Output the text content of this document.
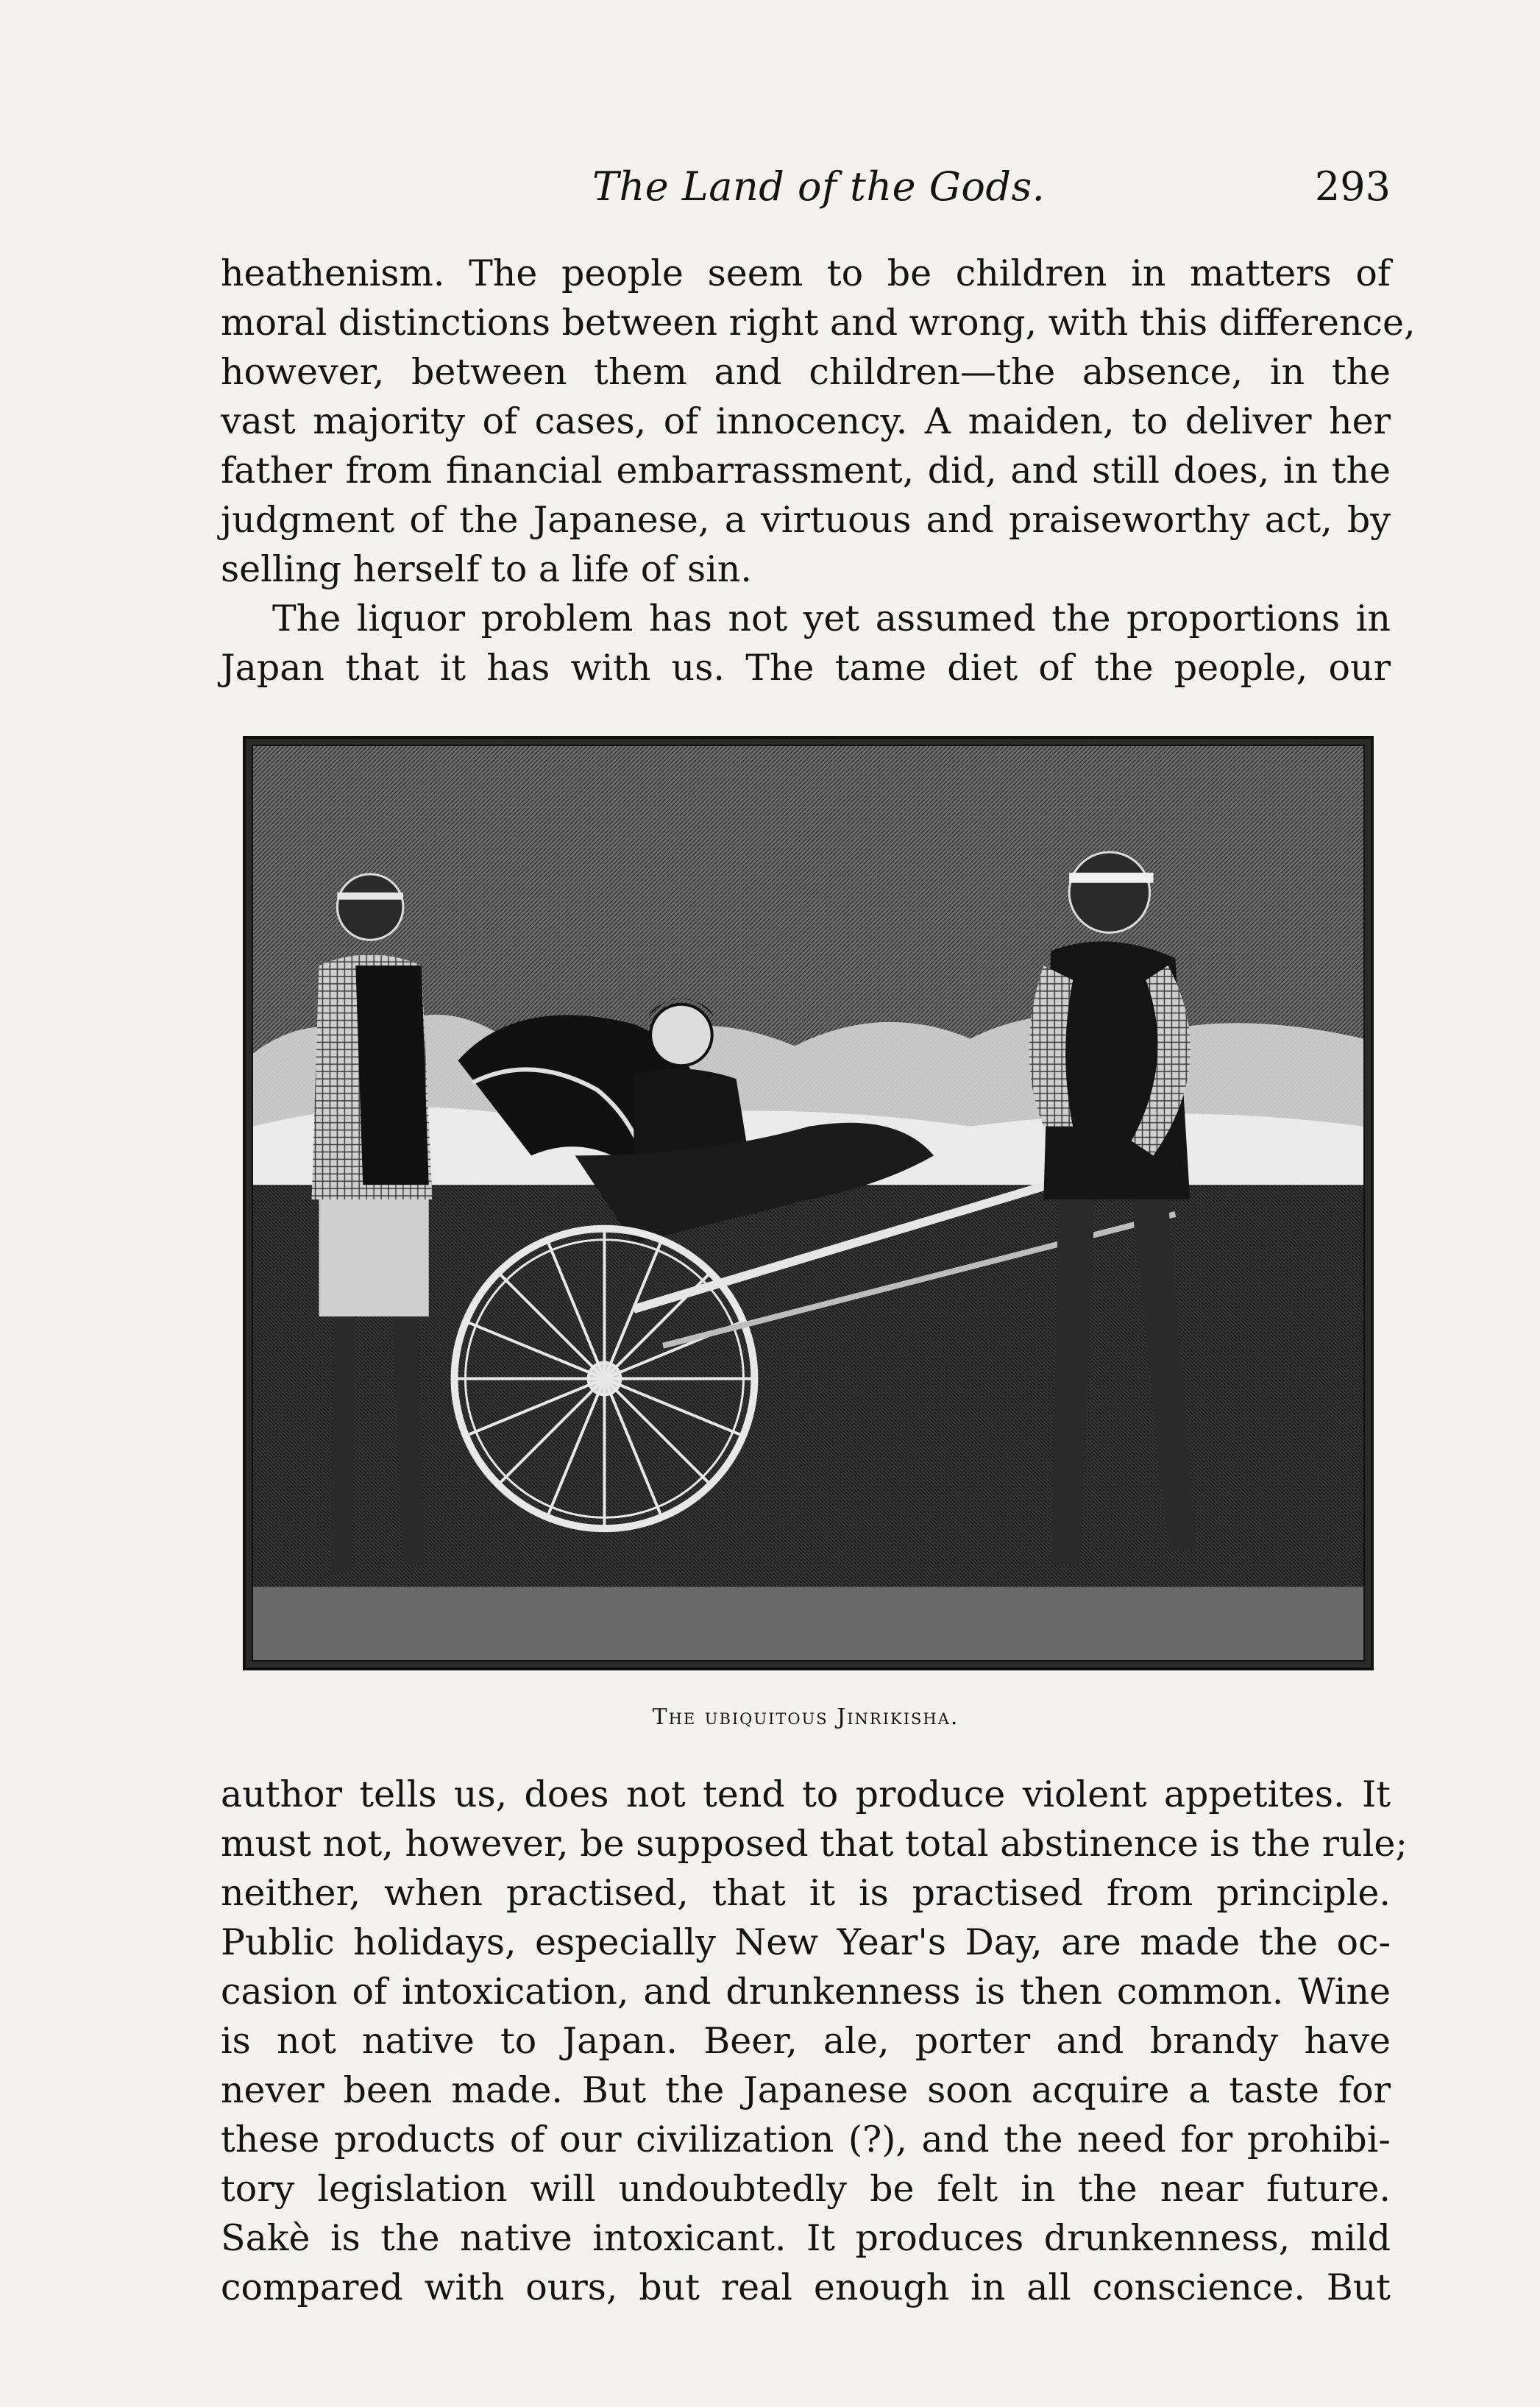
The Land of the Gods.	293
heathenism. The people seem to be children in matters of
moral distinctions between right and wrong, with this difference,
however, between them and children—the absence, in the
vast majority of cases, of innocency. A maiden, to deliver her
father from financial embarrassment, did, and still does, in the
judgment of the Japanese, a virtuous and praiseworthy act, by
selling herself to a life of sin.
The liquor problem has not yet assumed the proportions in
Japan that it has with us. The tame diet of the people, our
The ubiquitous Jinrikisha.
author tells us, does not tend to produce violent appetites. It
must not, however, be supposed that total abstinence is the rule;
neither, when practised, that it is practised from principle.
Public holidays, especially New Year's Day, are made the oc-
casion of intoxication, and drunkenness is then common. Wine
is not native to Japan. Beer, ale, porter and brandy have
never been made. But the Japanese soon acquire a taste for
these products of our civilization (?), and the need for prohibi-
tory legislation will undoubtedly be felt in the near future.
Sakè is the native intoxicant. It produces drunkenness, mild
compared with ours, but real enough in all conscience. But
